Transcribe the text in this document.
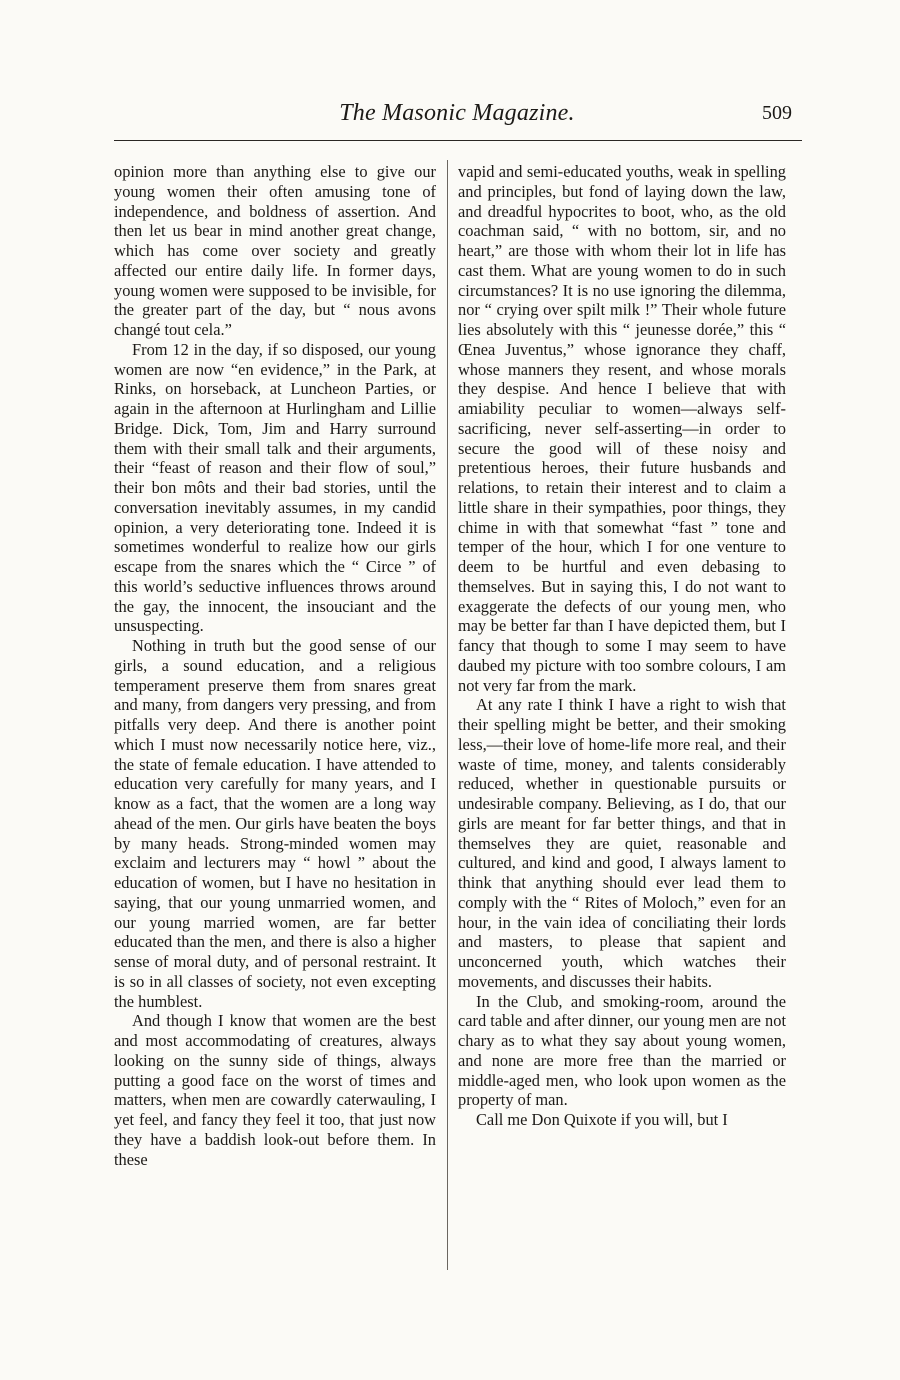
The Masonic Magazine.	509

opinion more than anything else to give our young women their often amusing tone of independence, and boldness of assertion. And then let us bear in mind another great change, which has come over society and greatly affected our entire daily life. In former days, young women were supposed to be invisible, for the greater part of the day, but “ nous avons changé tout cela.”

From 12 in the day, if so disposed, our young women are now “en evidence,” in the Park, at Rinks, on horseback, at Luncheon Parties, or again in the afternoon at Hurlingham and Lillie Bridge. Dick, Tom, Jim and Harry surround them with their small talk and their arguments, their “feast of reason and their flow of soul,” their bon môts and their bad stories, until the conversation inevitably assumes, in my candid opinion, a very deteriorating tone. Indeed it is sometimes wonderful to realize how our girls escape from the snares which the “ Circe ” of this world’s seductive influences throws around the gay, the innocent, the insouciant and the unsuspecting.

Nothing in truth but the good sense of our girls, a sound education, and a religious temperament preserve them from snares great and many, from dangers very pressing, and from pitfalls very deep. And there is another point which I must now necessarily notice here, viz., the state of female education. I have attended to education very carefully for many years, and I know as a fact, that the women are a long way ahead of the men. Our girls have beaten the boys by many heads. Strong-minded women may exclaim and lecturers may “ howl ” about the education of women, but I have no hesitation in saying, that our young unmarried women, and our young married women, are far better educated than the men, and there is also a higher sense of moral duty, and of personal restraint. It is so in all classes of society, not even excepting the humblest.

And though I know that women are the best and most accommodating of creatures, always looking on the sunny side of things, always putting a good face on the worst of times and matters, when men are cowardly caterwauling, I yet feel, and fancy they feel it too, that just now they have a baddish look-out before them. In these

vapid and semi-educated youths, weak in spelling and principles, but fond of laying down the law, and dreadful hypocrites to boot, who, as the old coachman said, “ with no bottom, sir, and no heart,” are those with whom their lot in life has cast them. What are young women to do in such circumstances? It is no use ignoring the dilemma, nor “ crying over spilt milk !” Their whole future lies absolutely with this “ jeunesse dorée,” this “ Œnea Juventus,” whose ignorance they chaff, whose manners they resent, and whose morals they despise. And hence I believe that with amiability peculiar to women—always self-sacrificing, never self-asserting—in order to secure the good will of these noisy and pretentious heroes, their future husbands and relations, to retain their interest and to claim a little share in their sympathies, poor things, they chime in with that somewhat “fast ” tone and temper of the hour, which I for one venture to deem to be hurtful and even debasing to themselves. But in saying this, I do not want to exaggerate the defects of our young men, who may be better far than I have depicted them, but I fancy that though to some I may seem to have daubed my picture with too sombre colours, I am not very far from the mark.

At any rate I think I have a right to wish that their spelling might be better, and their smoking less,—their love of home-life more real, and their waste of time, money, and talents considerably reduced, whether in questionable pursuits or undesirable company. Believing, as I do, that our girls are meant for far better things, and that in themselves they are quiet, reasonable and cultured, and kind and good, I always lament to think that anything should ever lead them to comply with the “ Rites of Moloch,” even for an hour, in the vain idea of conciliating their lords and masters, to please that sapient and unconcerned youth, which watches their movements, and discusses their habits.

In the Club, and smoking-room, around the card table and after dinner, our young men are not chary as to what they say about young women, and none are more free than the married or middle-aged men, who look upon women as the property of man.

Call me Don Quixote if you will, but I
